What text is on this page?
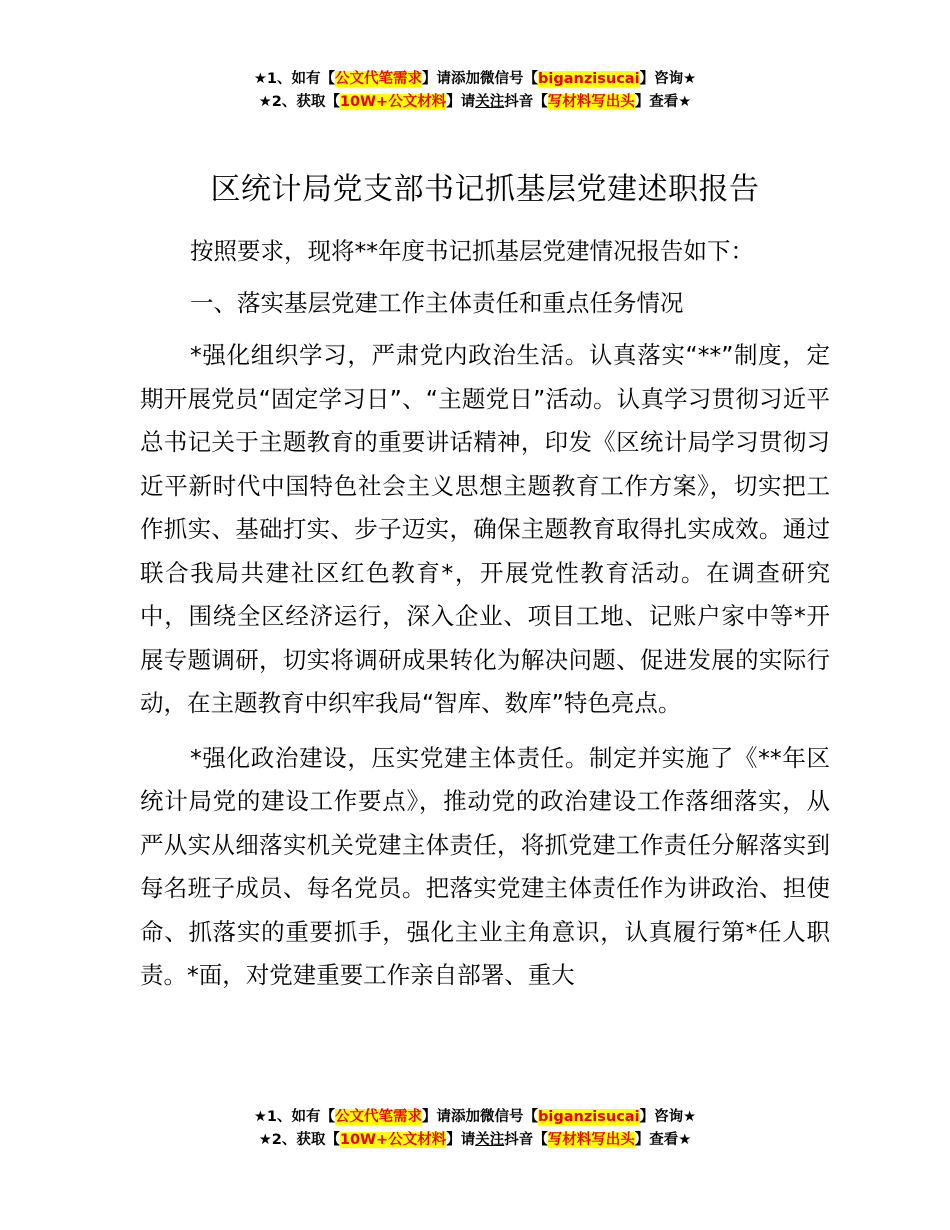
★1、如有【公文代笔需求】请添加微信号【biganzisucai】咨询★
★2、获取【10W+公文材料】请关注抖音【写材料写出头】查看★
区统计局党支部书记抓基层党建述职报告

按照要求，现将**年度书记抓基层党建情况报告如下：

一、落实基层党建工作主体责任和重点任务情况

*强化组织学习，严肃党内政治生活。认真落实“**”制度，定期开展党员“固定学习日”、“主题党日”活动。认真学习贯彻习近平总书记关于主题教育的重要讲话精神，印发《区统计局学习贯彻习近平新时代中国特色社会主义思想主题教育工作方案》，切实把工作抓实、基础打实、步子迈实，确保主题教育取得扎实成效。通过联合我局共建社区红色教育*，开展党性教育活动。在调查研究中，围绕全区经济运行，深入企业、项目工地、记账户家中等*开展专题调研，切实将调研成果转化为解决问题、促进发展的实际行动，在主题教育中织牢我局“智库、数库”特色亮点。

*强化政治建设，压实党建主体责任。制定并实施了《**年区统计局党的建设工作要点》，推动党的政治建设工作落细落实，从严从实从细落实机关党建主体责任，将抓党建工作责任分解落实到每名班子成员、每名党员。把落实党建主体责任作为讲政治、担使命、抓落实的重要抓手，强化主业主角意识，认真履行第*任人职责。*面，对党建重要工作亲自部署、重大

★1、如有【公文代笔需求】请添加微信号【biganzisucai】咨询★
★2、获取【10W+公文材料】请关注抖音【写材料写出头】查看★
